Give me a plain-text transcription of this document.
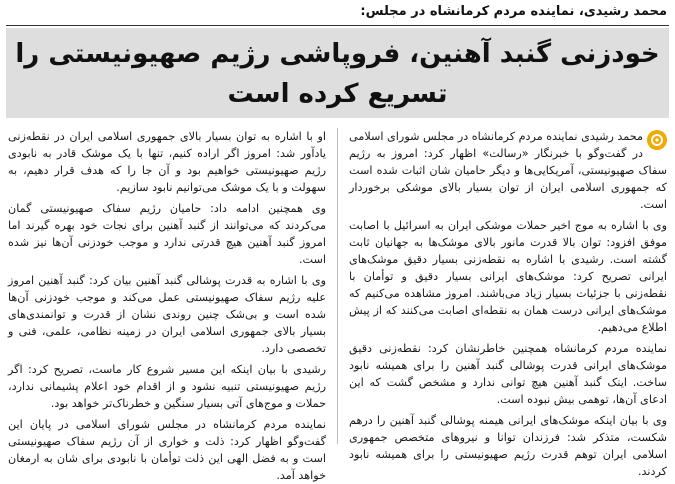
محمد رشیدی، نماینده مردم کرمانشاه در مجلس:
خودزنی گنبد آهنین، فروپاشی رژیم صهیونیستی را
تسریع کرده است

محمد رشیدی نماینده مردم کرمانشاه در مجلس شورای اسلامی در گفت‌وگو با خبرنگار «رسالت» اظهار کرد: امروز به رژیم سفاک صهیونیستی، آمریکایی‌ها و دیگر حامیان شان اثبات شده است که جمهوری اسلامی ایران از توان بسیار بالای موشکی برخوردار است.

وی با اشاره به موج اخیر حملات موشکی ایران به اسرائیل با اصابت موفق افزود: توان بالا قدرت مانور بالای موشک‌ها به جهانیان ثابت گشته است. رشیدی با اشاره به نقطه‌زنی بسیار دقیق موشک‌های ایرانی تصریح کرد: موشک‌های ایرانی بسیار دقیق و توأمان با نقطه‌زنی با جزئیات بسیار زیاد می‌باشند. امروز مشاهده می‌کنیم که موشک‌های ایرانی درست همان به نقطه‌ای اصابت می‌کنند که از پیش اطلاع می‌دهیم.

نماینده مردم کرمانشاه همچنین خاطرنشان کرد: نقطه‌زنی دقیق موشک‌های ایرانی قدرت پوشالی گنبد آهنین را برای همیشه نابود ساخت. اینک گنبد آهنین هیچ توانی ندارد و مشخص گشت که این ادعای آن‌ها، توهمی بیش نبوده است.

وی با بیان اینکه موشک‌های ایرانی هیمنه پوشالی گنبد آهنین را درهم شکست، متذکر شد: فرزندان توانا و نیروهای متخصص جمهوری اسلامی ایران توهم قدرت رژیم صهیونیستی را برای همیشه نابود کردند.

او با اشاره به توان بسیار بالای جمهوری اسلامی ایران در نقطه‌زنی یادآور شد: امروز اگر اراده کنیم، تنها با یک موشک قادر به نابودی رژیم صهیونیستی خواهیم بود و آن جا را که هدف قرار دهیم، به سهولت و با یک موشک می‌توانیم نابود سازیم.

وی همچنین ادامه داد: حامیان رژیم سفاک صهیونیستی گمان می‌کردند که می‌توانند از گنبد آهنین برای نجات خود بهره گیرند اما امروز گنبد آهنین هیچ قدرتی ندارد و موجب خودزنی آن‌ها نیز شده است.

وی با اشاره به قدرت پوشالی گنبد آهنین بیان کرد: گنبد آهنین امروز علیه رژیم سفاک صهیونیستی عمل می‌کند و موجب خودزنی آن‌ها شده است و بی‌شک چنین روندی نشان از قدرت و توانمندی‌های بسیار بالای جمهوری اسلامی ایران در زمینه نظامی، علمی، فنی و تخصصی دارد.

رشیدی با بیان اینکه این مسیر شروع کار ماست، تصریح کرد: اگر رژیم صهیونیستی تنبیه نشود و از اقدام خود اعلام پشیمانی ندارد، حملات و موج‌های آتی بسیار سنگین و خطرناک‌تر خواهد بود.

نماینده مردم کرمانشاه در مجلس شورای اسلامی در پایان این گفت‌وگو اظهار کرد: ذلت و خواری از آن رژیم سفاک صهیونیستی است و به فضل الهی این ذلت توأمان با نابودی برای شان به ارمغان خواهد آمد.
